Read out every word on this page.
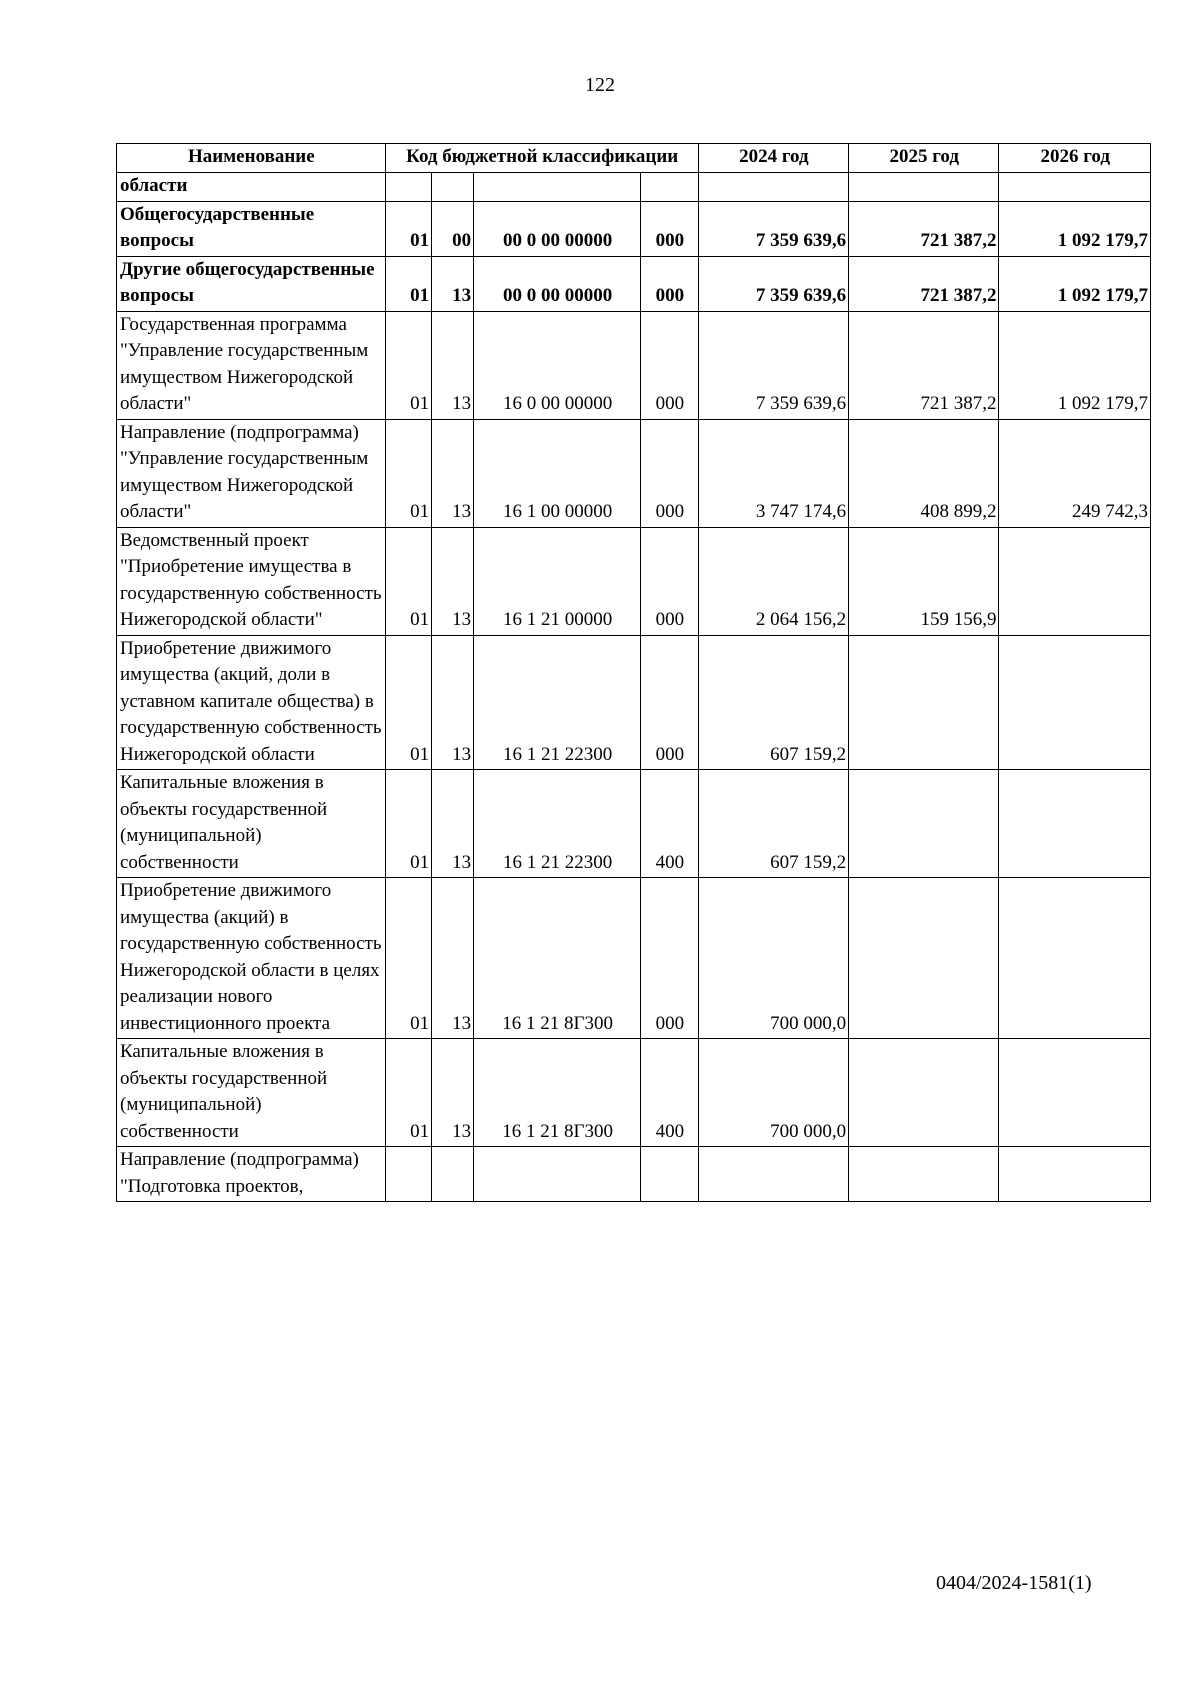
122
Наименование	Код бюджетной классификации				2024 год	2025 год	2026 год
области							
Общегосударственные вопросы	01	00	00 0 00 00000	000	7 359 639,6	721 387,2	1 092 179,7
Другие общегосударственные вопросы	01	13	00 0 00 00000	000	7 359 639,6	721 387,2	1 092 179,7
Государственная программа "Управление государственным имуществом Нижегородской области"	01	13	16 0 00 00000	000	7 359 639,6	721 387,2	1 092 179,7
Направление (подпрограмма) "Управление государственным имуществом Нижегородской области"	01	13	16 1 00 00000	000	3 747 174,6	408 899,2	249 742,3
Ведомственный проект "Приобретение имущества в государственную собственность Нижегородской области"	01	13	16 1 21 00000	000	2 064 156,2	159 156,9	
Приобретение движимого имущества (акций, доли в уставном капитале общества) в государственную собственность Нижегородской области	01	13	16 1 21 22300	000	607 159,2		
Капитальные вложения в объекты государственной (муниципальной) собственности	01	13	16 1 21 22300	400	607 159,2		
Приобретение движимого имущества (акций) в государственную собственность Нижегородской области в целях реализации нового инвестиционного проекта	01	13	16 1 21 8Г300	000	700 000,0		
Капитальные вложения в объекты государственной (муниципальной) собственности	01	13	16 1 21 8Г300	400	700 000,0		
Направление (подпрограмма) "Подготовка проектов,							
0404/2024-1581(1)
